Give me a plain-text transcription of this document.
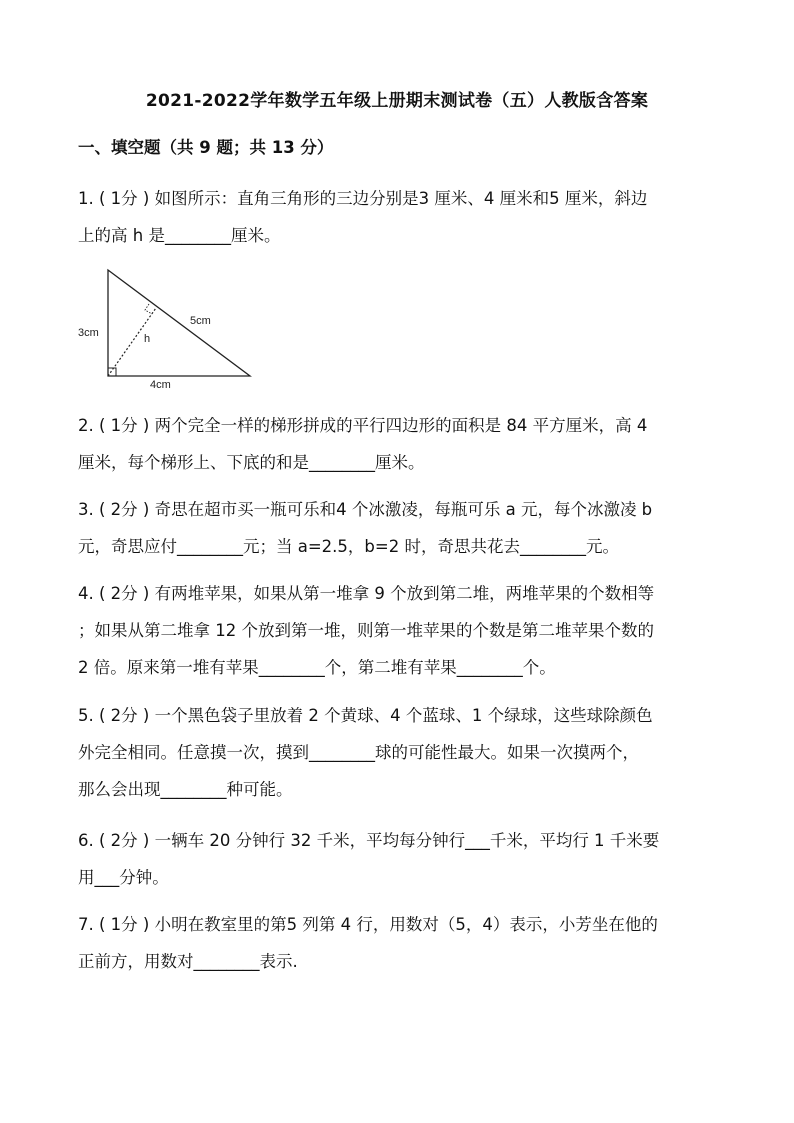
2021-2022学年数学五年级上册期末测试卷（五）人教版含答案
一、填空题（共 9 题；共 13 分）
1. ( 1分 ) 如图所示：直角三角形的三边分别是3 厘米、4 厘米和5 厘米，斜边
上的高 h 是________厘米。
3cm
5cm
h
4cm
2. ( 1分 ) 两个完全一样的梯形拼成的平行四边形的面积是 84 平方厘米，高 4
厘米，每个梯形上、下底的和是________厘米。
3. ( 2分 ) 奇思在超市买一瓶可乐和4 个冰激凌，每瓶可乐 a 元，每个冰激凌 b
元，奇思应付________元；当 a=2.5，b=2 时，奇思共花去________元。
4. ( 2分 ) 有两堆苹果，如果从第一堆拿 9 个放到第二堆，两堆苹果的个数相等
；如果从第二堆拿 12 个放到第一堆，则第一堆苹果的个数是第二堆苹果个数的
2 倍。原来第一堆有苹果________个，第二堆有苹果________个。
5. ( 2分 ) 一个黑色袋子里放着 2 个黄球、4 个蓝球、1 个绿球，这些球除颜色
外完全相同。任意摸一次，摸到________球的可能性最大。如果一次摸两个，
那么会出现________种可能。
6. ( 2分 ) 一辆车 20 分钟行 32 千米，平均每分钟行___千米，平均行 1 千米要
用___分钟。
7. ( 1分 ) 小明在教室里的第5 列第 4 行，用数对（5，4）表示，小芳坐在他的
正前方，用数对________表示.
